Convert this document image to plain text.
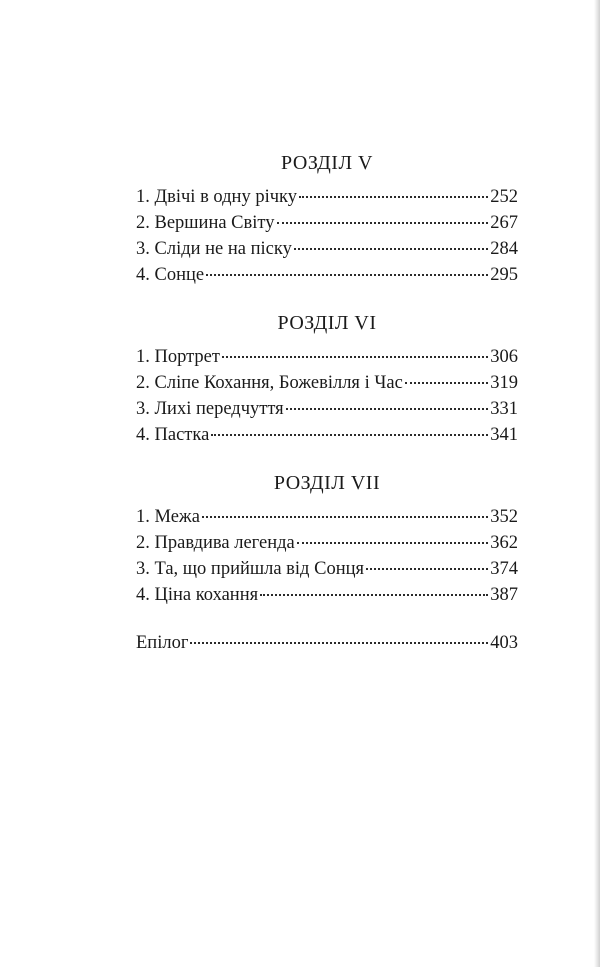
РОЗДІЛ V
1. Двічі в одну річку	252
2. Вершина Світу	267
3. Сліди не на піску	284
4. Сонце	295
РОЗДІЛ VI
1. Портрет	306
2. Сліпе Кохання, Божевілля і Час	319
3. Лихі передчуття	331
4. Пастка	341
РОЗДІЛ VII
1. Межа	352
2. Правдива легенда	362
3. Та, що прийшла від Сонця	374
4. Ціна кохання	387
Епілог	403
